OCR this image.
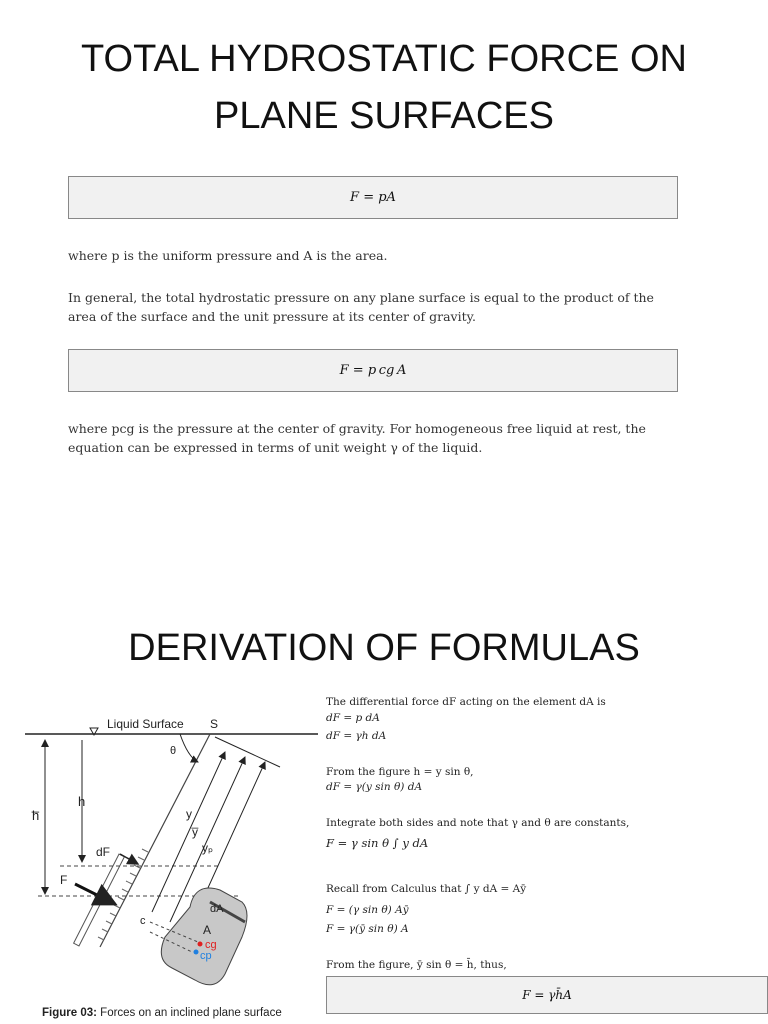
TOTAL HYDROSTATIC FORCE ON
PLANE SURFACES
F = pA
where p is the uniform pressure and A is the area.
In general, the total hydrostatic pressure on any plane surface is equal to the product of the area of the surface and the unit pressure at its center of gravity.
F = p cg A
where pcg is the pressure at the center of gravity. For homogeneous free liquid at rest, the equation can be expressed in terms of unit weight γ of the liquid.
DERIVATION OF FORMULAS
Liquid Surface S
θ
h̅
h
y
y̅
yₚ
dA
A
cg
cp
c
dF
F
Figure 03: Forces on an inclined plane surface
The differential force dF acting on the element dA is
dF = p dA
dF = γh dA
From the figure h = y sin θ,
dF = γ(y sin θ) dA
Integrate both sides and note that γ and θ are constants,
F = γ sin θ ∫ y dA
Recall from Calculus that ∫ y dA = Aȳ
F = (γ sin θ) Aȳ
F = γ(ȳ sin θ) A
From the figure, ȳ sin θ = h̄, thus,
F = γh̄A
